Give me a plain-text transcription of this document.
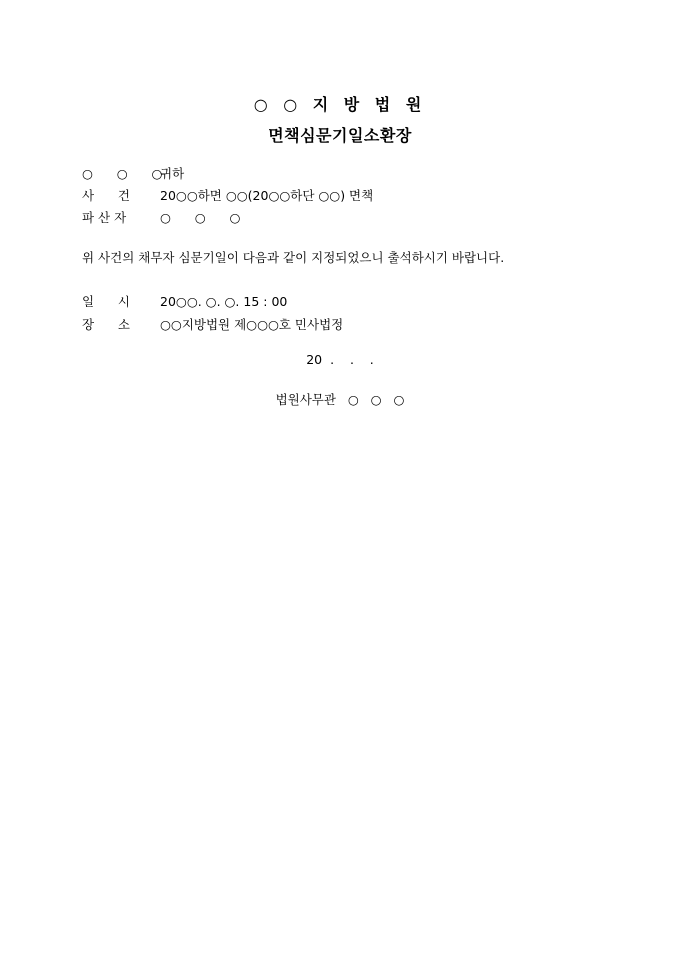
○ ○ 지 방 법 원
면책심문기일소환장
○      ○      ○
귀하
사      건	20○○하면 ○○(20○○하단 ○○) 면책
파 산 자	○      ○      ○
위 사건의 채무자 심문기일이 다음과 같이 지정되었으니 출석하시기 바랍니다.
일      시	20○○. ○. ○. 15 : 00
장      소	○○지방법원 제○○○호 민사법정
20  .    .    .
법원사무관   ○   ○   ○
